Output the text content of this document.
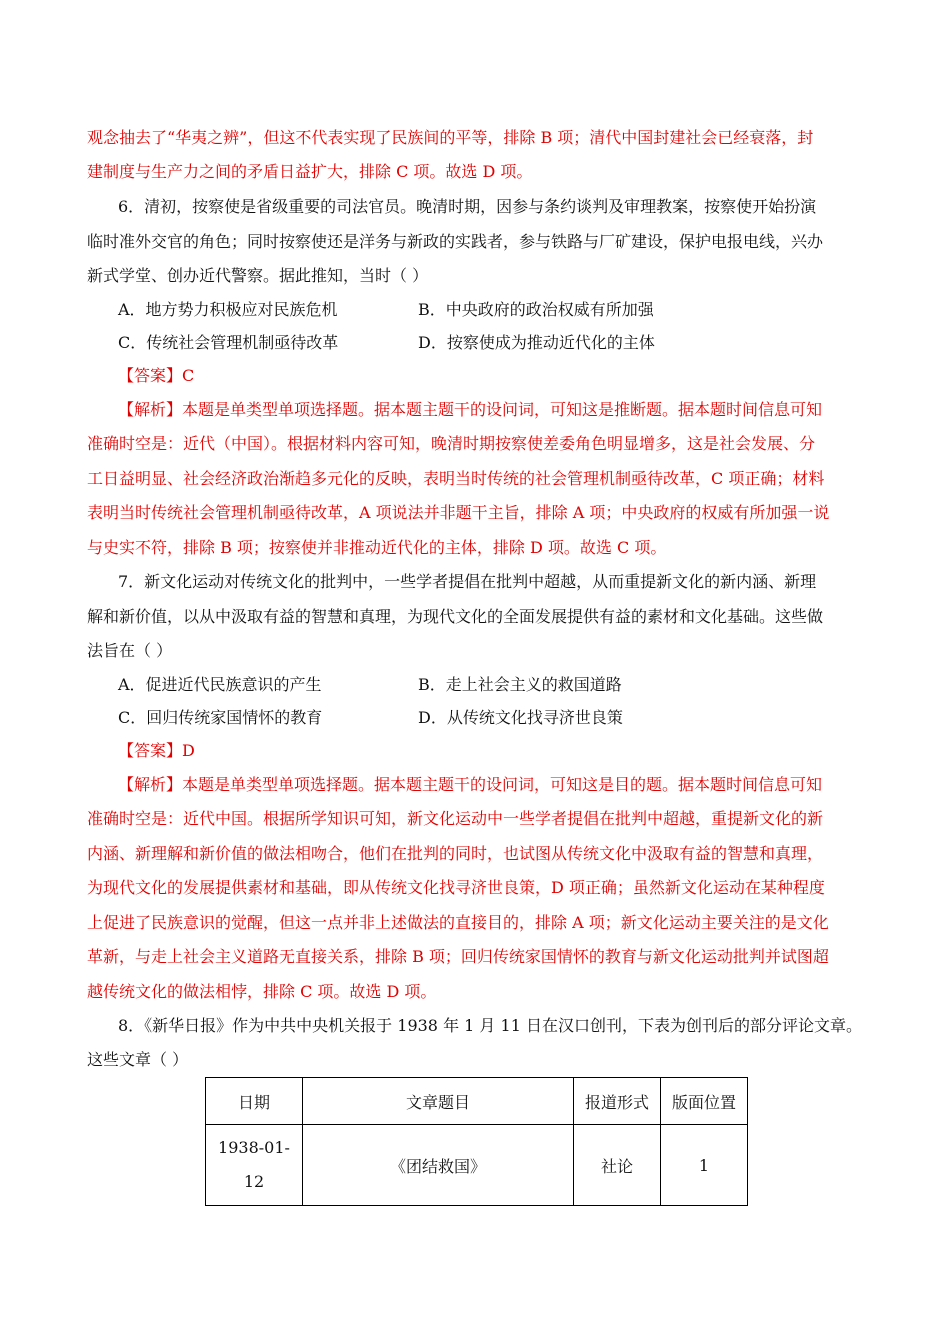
观念抽去了“华夷之辨”，但这不代表实现了民族间的平等，排除 B 项；清代中国封建社会已经衰落，封
建制度与生产力之间的矛盾日益扩大，排除 C 项。故选 D 项。
6．清初，按察使是省级重要的司法官员。晚清时期，因参与条约谈判及审理教案，按察使开始扮演
临时准外交官的角色；同时按察使还是洋务与新政的实践者，参与铁路与厂矿建设，保护电报电线，兴办
新式学堂、创办近代警察。据此推知，当时（ ）
A．地方势力积极应对民族危机	B．中央政府的政治权威有所加强
C．传统社会管理机制亟待改革	D．按察使成为推动近代化的主体
【答案】C
【解析】本题是单类型单项选择题。据本题主题干的设问词，可知这是推断题。据本题时间信息可知
准确时空是：近代（中国）。根据材料内容可知，晚清时期按察使差委角色明显增多，这是社会发展、分
工日益明显、社会经济政治渐趋多元化的反映，表明当时传统的社会管理机制亟待改革，C 项正确；材料
表明当时传统社会管理机制亟待改革，A 项说法并非题干主旨，排除 A 项；中央政府的权威有所加强一说
与史实不符，排除 B 项；按察使并非推动近代化的主体，排除 D 项。故选 C 项。
7．新文化运动对传统文化的批判中，一些学者提倡在批判中超越，从而重提新文化的新内涵、新理
解和新价值，以从中汲取有益的智慧和真理，为现代文化的全面发展提供有益的素材和文化基础。这些做
法旨在（ ）
A．促进近代民族意识的产生	B．走上社会主义的救国道路
C．回归传统家国情怀的教育	D．从传统文化找寻济世良策
【答案】D
【解析】本题是单类型单项选择题。据本题主题干的设问词，可知这是目的题。据本题时间信息可知
准确时空是：近代中国。根据所学知识可知，新文化运动中一些学者提倡在批判中超越，重提新文化的新
内涵、新理解和新价值的做法相吻合，他们在批判的同时，也试图从传统文化中汲取有益的智慧和真理，
为现代文化的发展提供素材和基础，即从传统文化找寻济世良策，D 项正确；虽然新文化运动在某种程度
上促进了民族意识的觉醒，但这一点并非上述做法的直接目的，排除 A 项；新文化运动主要关注的是文化
革新，与走上社会主义道路无直接关系，排除 B 项；回归传统家国情怀的教育与新文化运动批判并试图超
越传统文化的做法相悖，排除 C 项。故选 D 项。
8．《新华日报》作为中共中央机关报于 1938 年 1 月 11 日在汉口创刊，下表为创刊后的部分评论文章。
这些文章（ ）
日期	文章题目	报道形式	版面位置

1938-01-
12	《团结救国》	社论	1
